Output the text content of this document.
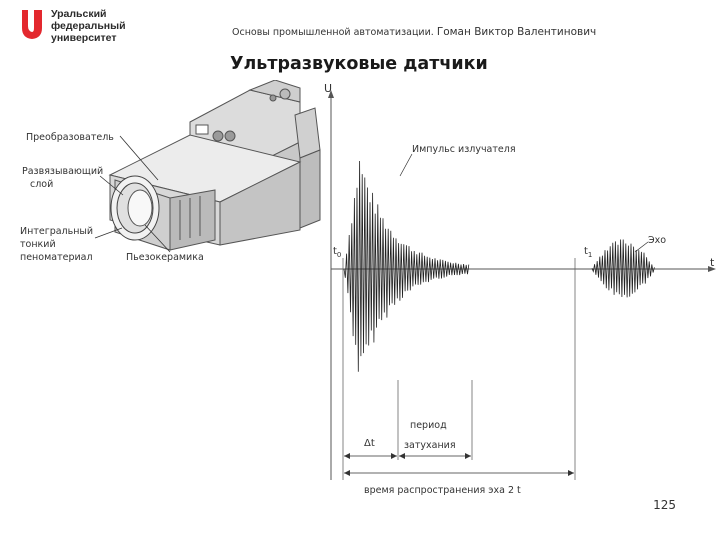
Уральский
федеральный
университет	Основы промышленной автоматизации. Гоман Виктор Валентинович
Ультразвуковые датчики
Преобразователь
Развязывающий
слой
Интегральный
тонкий
пеноматериал	Пьезокерамика
U
t
$t_0$
Импульс излучателя
$t_1$
Эхо
Δt
период
затухания
время распространения эха 2 t
125
